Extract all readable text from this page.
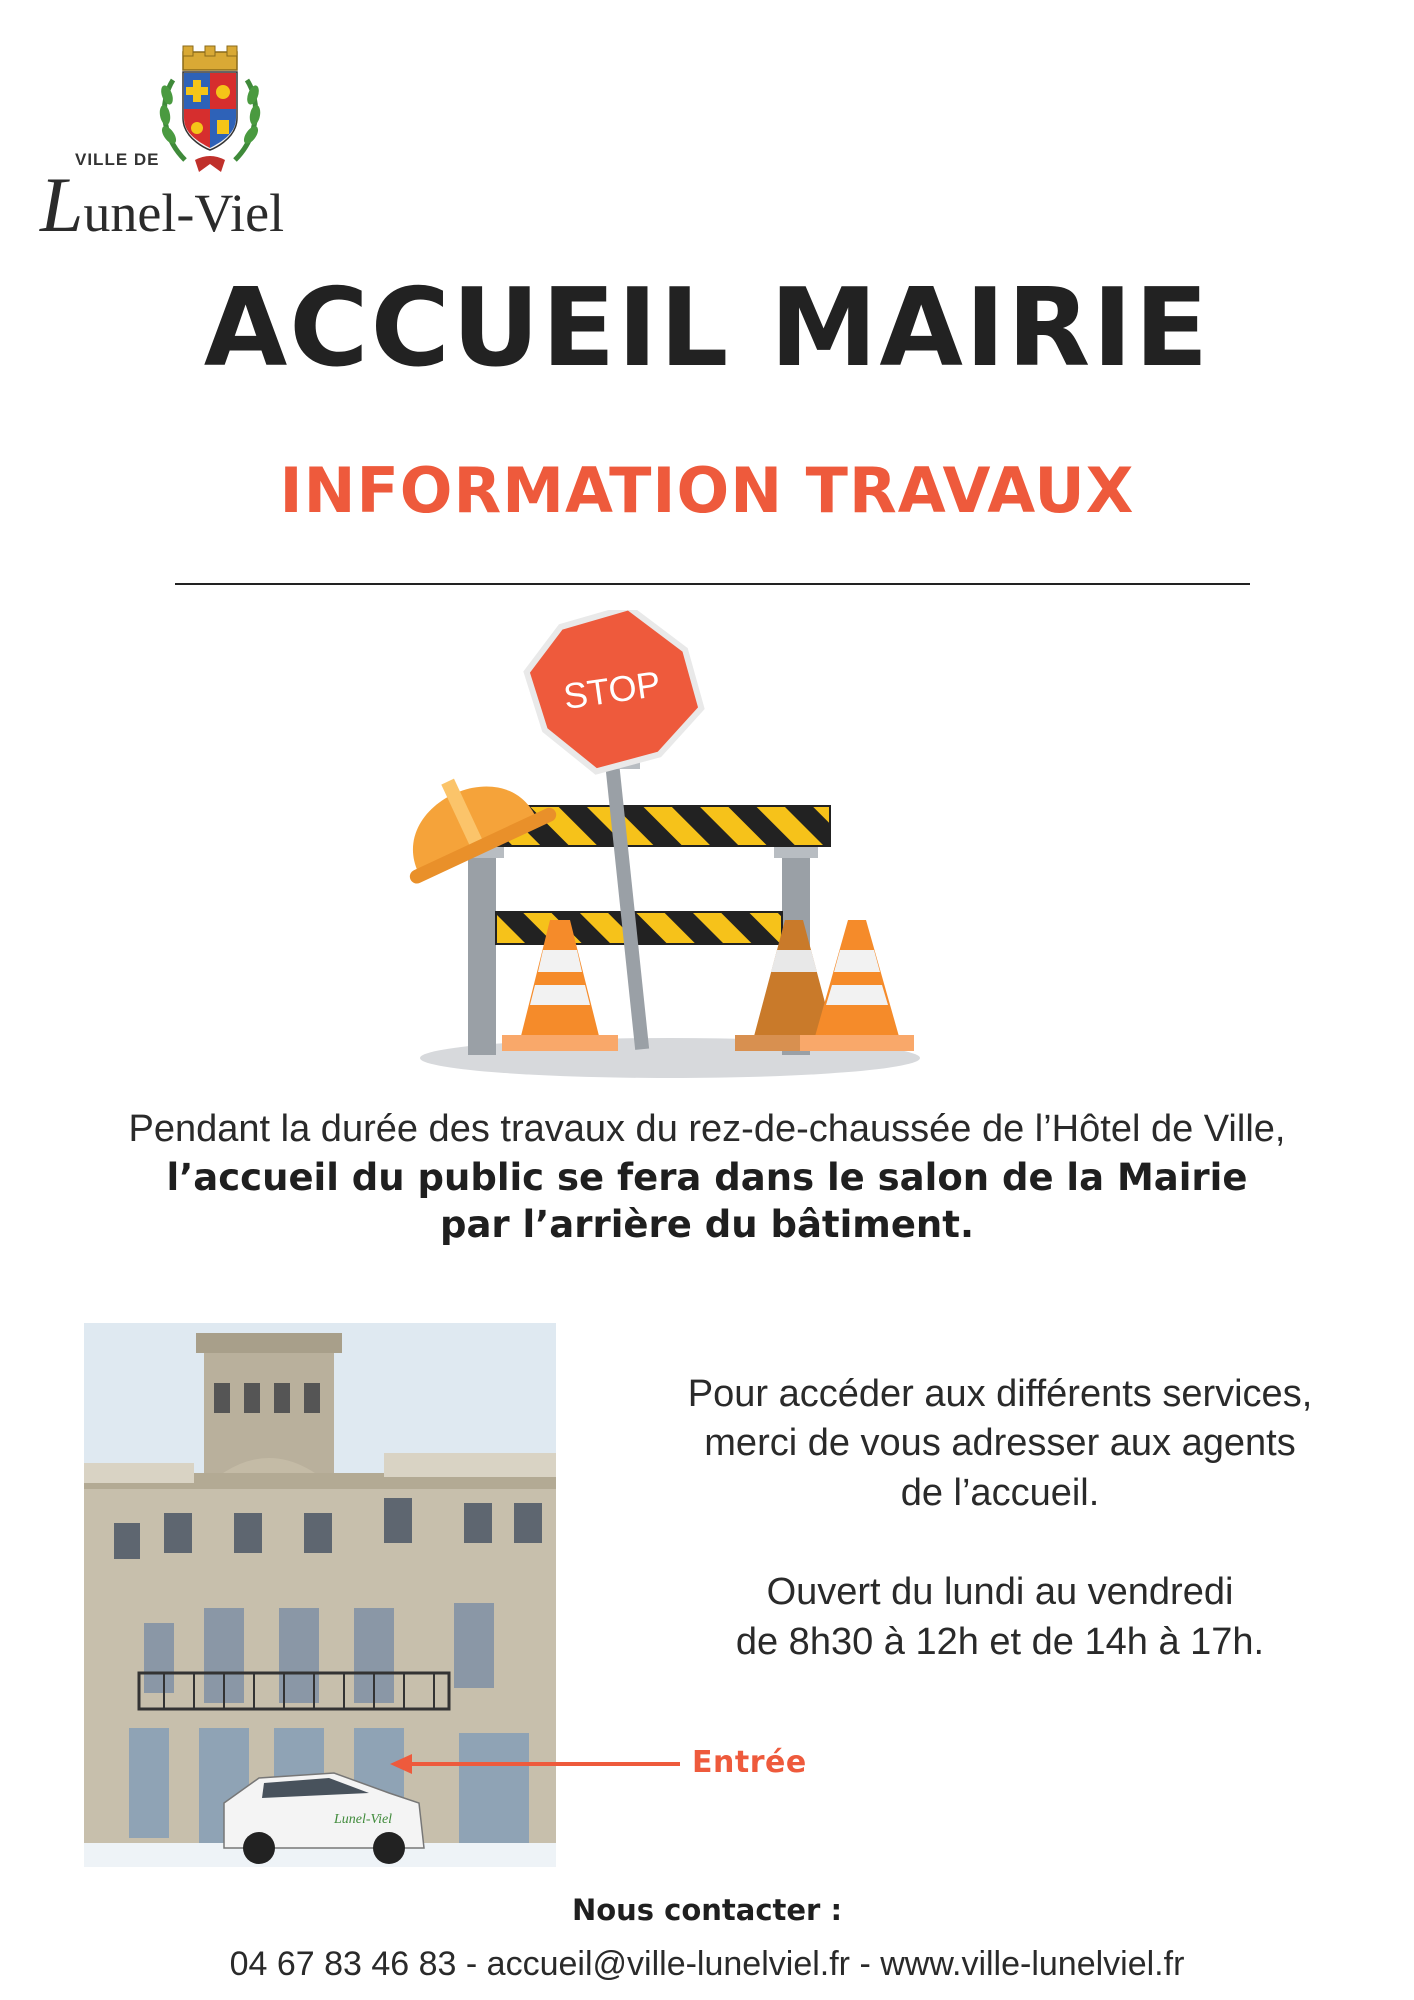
VILLE DE
Lunel-Viel
ACCUEIL MAIRIE
INFORMATION TRAVAUX
STOP
Pendant la durée des travaux du rez-de-chaussée de l’Hôtel de Ville,
l’accueil du public se fera dans le salon de la Mairie
par l’arrière du bâtiment.
Lunel-Viel
Entrée

Pour accéder aux différents services,

merci de vous adresser aux agents

de l’accueil.

Ouvert du lundi au vendredi

de 8h30 à 12h et de 14h à 17h.

Nous contacter :
04 67 83 46 83 - accueil@ville-lunelviel.fr - www.ville-lunelviel.fr
